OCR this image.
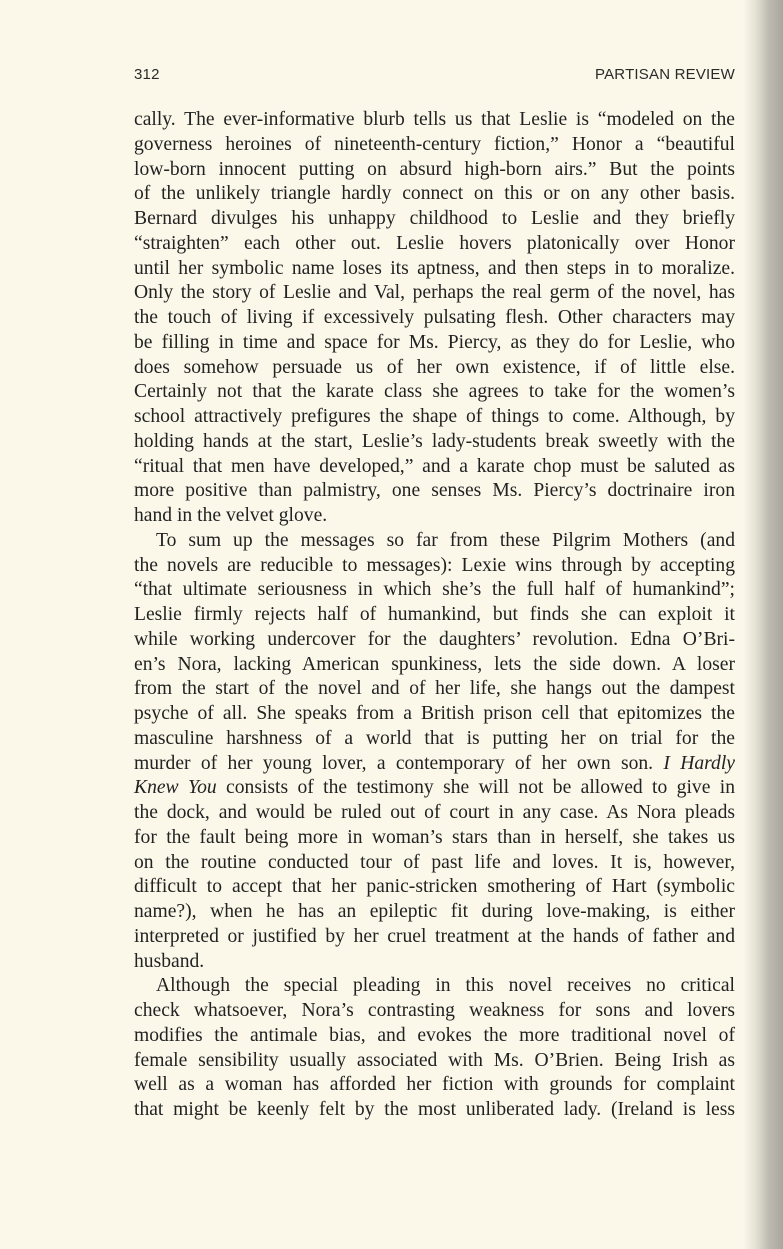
312	PARTISAN REVIEW
cally. The ever-informative blurb tells us that Leslie is “modeled on the
governess heroines of nineteenth-century fiction,” Honor a “beautiful
low-born innocent putting on absurd high-born airs.” But the points
of the unlikely triangle hardly connect on this or on any other basis.
Bernard divulges his unhappy childhood to Leslie and they briefly
“straighten” each other out. Leslie hovers platonically over Honor
until her symbolic name loses its aptness, and then steps in to moralize.
Only the story of Leslie and Val, perhaps the real germ of the novel, has
the touch of living if excessively pulsating flesh. Other characters may
be filling in time and space for Ms. Piercy, as they do for Leslie, who
does somehow persuade us of her own existence, if of little else.
Certainly not that the karate class she agrees to take for the women’s
school attractively prefigures the shape of things to come. Although, by
holding hands at the start, Leslie’s lady-students break sweetly with the
“ritual that men have developed,” and a karate chop must be saluted as
more positive than palmistry, one senses Ms. Piercy’s doctrinaire iron
hand in the velvet glove.
To sum up the messages so far from these Pilgrim Mothers (and
the novels are reducible to messages): Lexie wins through by accepting
“that ultimate seriousness in which she’s the full half of humankind”;
Leslie firmly rejects half of humankind, but finds she can exploit it
while working undercover for the daughters’ revolution. Edna O’Bri-
en’s Nora, lacking American spunkiness, lets the side down. A loser
from the start of the novel and of her life, she hangs out the dampest
psyche of all. She speaks from a British prison cell that epitomizes the
masculine harshness of a world that is putting her on trial for the
murder of her young lover, a contemporary of her own son. I Hardly
Knew You consists of the testimony she will not be allowed to give in
the dock, and would be ruled out of court in any case. As Nora pleads
for the fault being more in woman’s stars than in herself, she takes us
on the routine conducted tour of past life and loves. It is, however,
difficult to accept that her panic-stricken smothering of Hart (symbolic
name?), when he has an epileptic fit during love-making, is either
interpreted or justified by her cruel treatment at the hands of father and
husband.
Although the special pleading in this novel receives no critical
check whatsoever, Nora’s contrasting weakness for sons and lovers
modifies the antimale bias, and evokes the more traditional novel of
female sensibility usually associated with Ms. O’Brien. Being Irish as
well as a woman has afforded her fiction with grounds for complaint
that might be keenly felt by the most unliberated lady. (Ireland is less
